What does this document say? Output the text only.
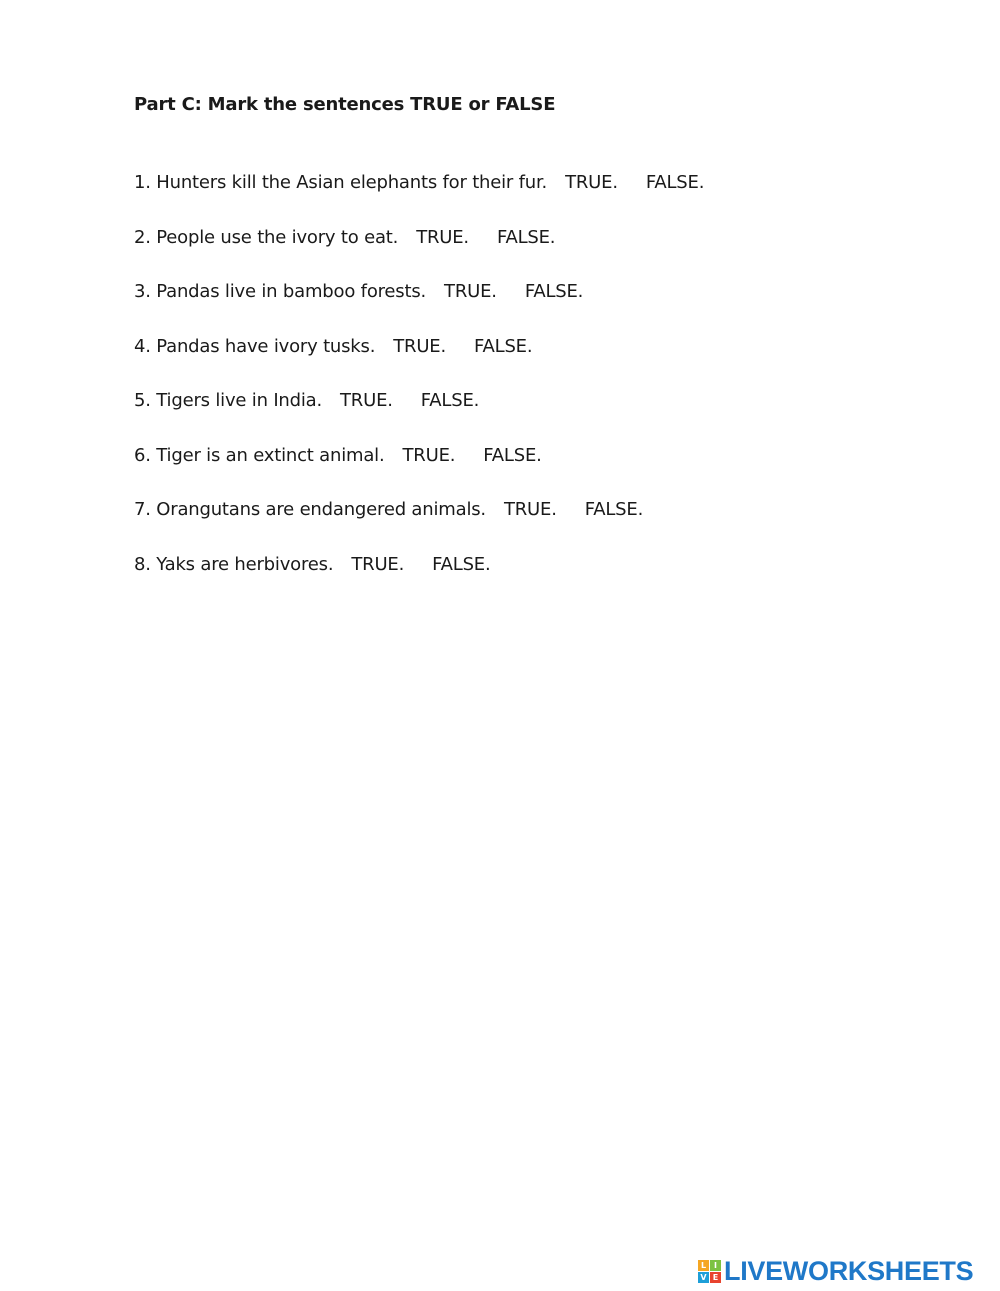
Part C: Mark the sentences TRUE or FALSE
1. Hunters kill the Asian elephants for their fur. TRUE. FALSE.
2. People use the ivory to eat. TRUE. FALSE.
3. Pandas live in bamboo forests. TRUE. FALSE.
4. Pandas have ivory tusks. TRUE. FALSE.
5. Tigers live in India. TRUE. FALSE.
6. Tiger is an extinct animal. TRUE. FALSE.
7. Orangutans are endangered animals. TRUE. FALSE.
8. Yaks are herbivores. TRUE. FALSE.
L I
V E LIVEWORKSHEETS
